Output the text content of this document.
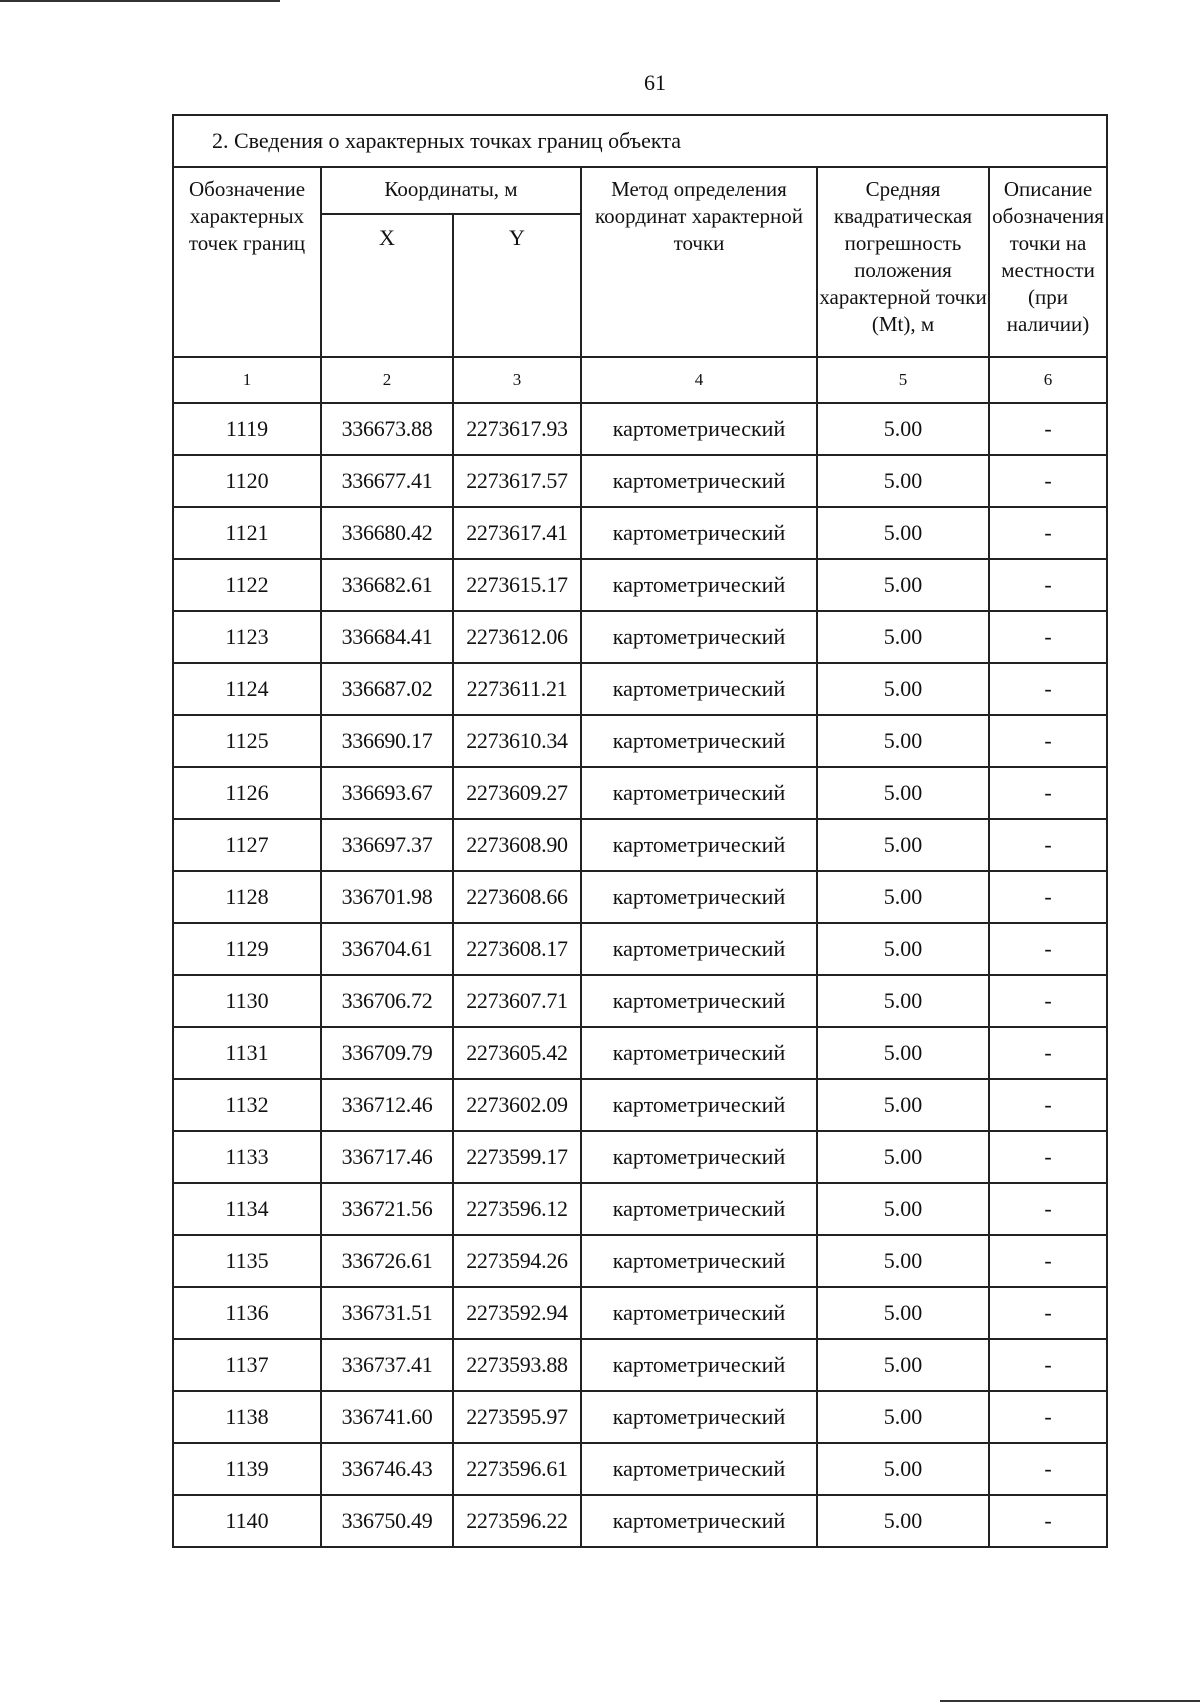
61
2. Сведения о характерных точках границ объекта					
Обозначение характерных точек границ	Координаты, м		Метод определения координат характерной точки	Средняя квадратическая погрешность положения характерной точки (Mt), м	Описание обозначения точки на местности (при наличии)
	X	Y			
1	2	3	4	5	6
1119	336673.88	2273617.93	картометрический	5.00	-
1120	336677.41	2273617.57	картометрический	5.00	-
1121	336680.42	2273617.41	картометрический	5.00	-
1122	336682.61	2273615.17	картометрический	5.00	-
1123	336684.41	2273612.06	картометрический	5.00	-
1124	336687.02	2273611.21	картометрический	5.00	-
1125	336690.17	2273610.34	картометрический	5.00	-
1126	336693.67	2273609.27	картометрический	5.00	-
1127	336697.37	2273608.90	картометрический	5.00	-
1128	336701.98	2273608.66	картометрический	5.00	-
1129	336704.61	2273608.17	картометрический	5.00	-
1130	336706.72	2273607.71	картометрический	5.00	-
1131	336709.79	2273605.42	картометрический	5.00	-
1132	336712.46	2273602.09	картометрический	5.00	-
1133	336717.46	2273599.17	картометрический	5.00	-
1134	336721.56	2273596.12	картометрический	5.00	-
1135	336726.61	2273594.26	картометрический	5.00	-
1136	336731.51	2273592.94	картометрический	5.00	-
1137	336737.41	2273593.88	картометрический	5.00	-
1138	336741.60	2273595.97	картометрический	5.00	-
1139	336746.43	2273596.61	картометрический	5.00	-
1140	336750.49	2273596.22	картометрический	5.00	-
